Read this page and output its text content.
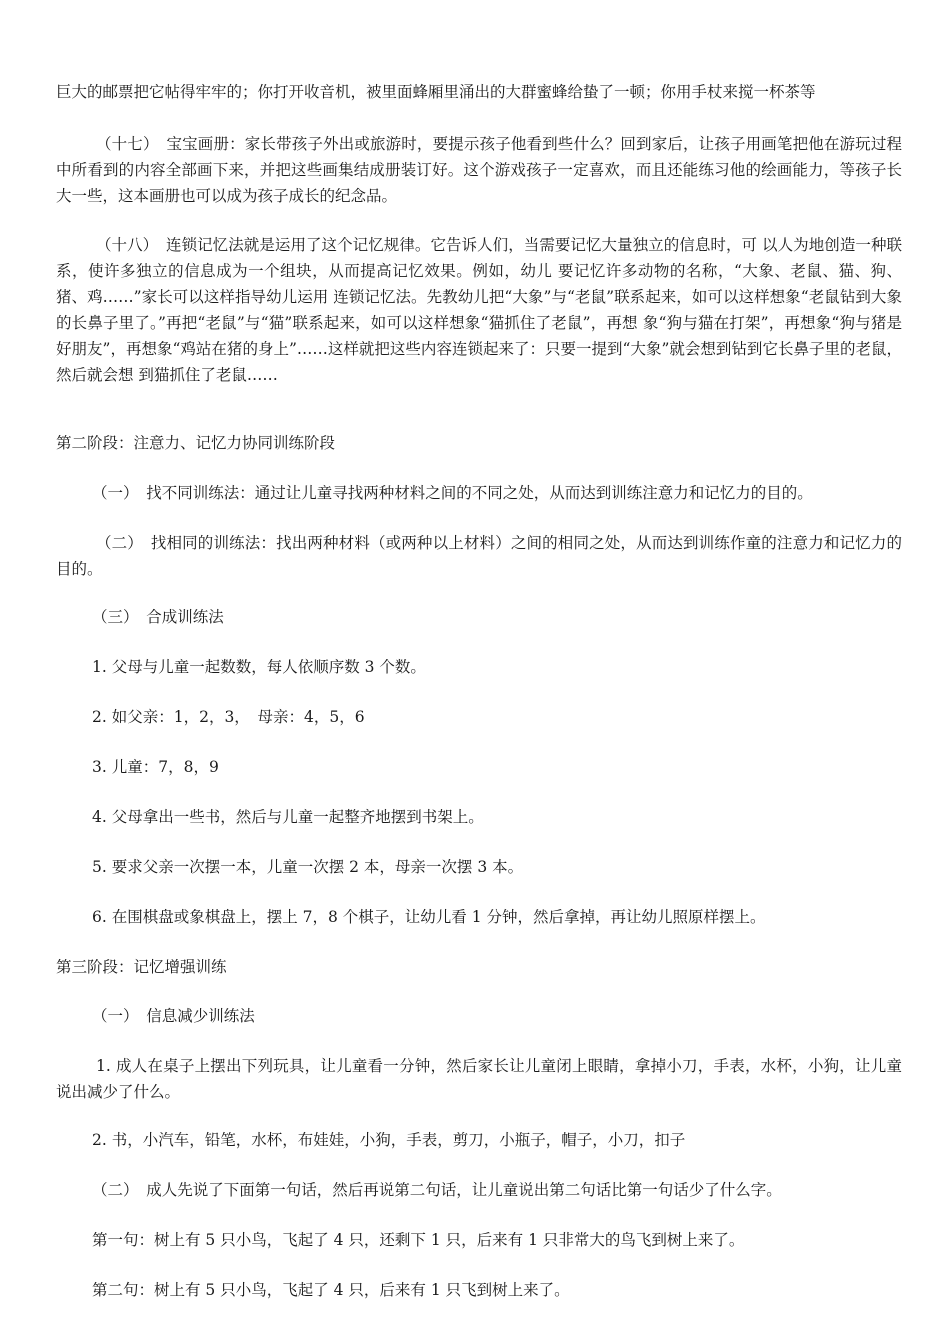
巨大的邮票把它帖得牢牢的；你打开收音机，被里面蜂厢里涌出的大群蜜蜂给蛰了一顿；你用手杖来搅一杯茶等
（十七）　宝宝画册：家长带孩子外出或旅游时，要提示孩子他看到些什么？回到家后，让孩子用画笔把他在游玩过程中所看到的内容全部画下来，并把这些画集结成册装订好。这个游戏孩子一定喜欢，而且还能练习他的绘画能力，等孩子长大一些，这本画册也可以成为孩子成长的纪念品。
（十八）　连锁记忆法就是运用了这个记忆规律。它告诉人们，当需要记忆大量独立的信息时，可 以人为地创造一种联系，使许多独立的信息成为一个组块，从而提高记忆效果。例如，幼儿 要记忆许多动物的名称，“大象、老鼠、猫、狗、猪、鸡……”家长可以这样指导幼儿运用 连锁记忆法。先教幼儿把“大象”与“老鼠”联系起来，如可以这样想象“老鼠钻到大象的长鼻子里了。”再把“老鼠”与“猫”联系起来，如可以这样想象“猫抓住了老鼠”，再想 象“狗与猫在打架”，再想象“狗与猪是好朋友”，再想象“鸡站在猪的身上”……这样就把这些内容连锁起来了：只要一提到“大象”就会想到钻到它长鼻子里的老鼠，然后就会想 到猫抓住了老鼠……
第二阶段：注意力、记忆力协同训练阶段
（一）　找不同训练法：通过让儿童寻找两种材料之间的不同之处，从而达到训练注意力和记忆力的目的。
（二）　找相同的训练法：找出两种材料（或两种以上材料）之间的相同之处，从而达到训练作童的注意力和记忆力的目的。
（三）　合成训练法
1. 父母与儿童一起数数，每人依顺序数 3 个数。
2. 如父亲：1，2，3，　母亲：4，5，6
3. 儿童：7，8，9
4. 父母拿出一些书，然后与儿童一起整齐地摆到书架上。
5. 要求父亲一次摆一本，儿童一次摆 2 本，母亲一次摆 3 本。
6. 在围棋盘或象棋盘上，摆上 7，8 个棋子，让幼儿看 1 分钟，然后拿掉，再让幼儿照原样摆上。
第三阶段：记忆增强训练
（一）　信息减少训练法
1. 成人在桌子上摆出下列玩具，让儿童看一分钟，然后家长让儿童闭上眼睛，拿掉小刀，手表，水杯，小狗，让儿童说出减少了什么。
2. 书，小汽车，铅笔，水杯，布娃娃，小狗，手表，剪刀，小瓶子，帽子，小刀，扣子
（二）　成人先说了下面第一句话，然后再说第二句话，让儿童说出第二句话比第一句话少了什么字。
第一句：树上有 5 只小鸟，飞起了 4 只，还剩下 1 只，后来有 1 只非常大的鸟飞到树上来了。
第二句：树上有 5 只小鸟，飞起了 4 只，后来有 1 只飞到树上来了。
